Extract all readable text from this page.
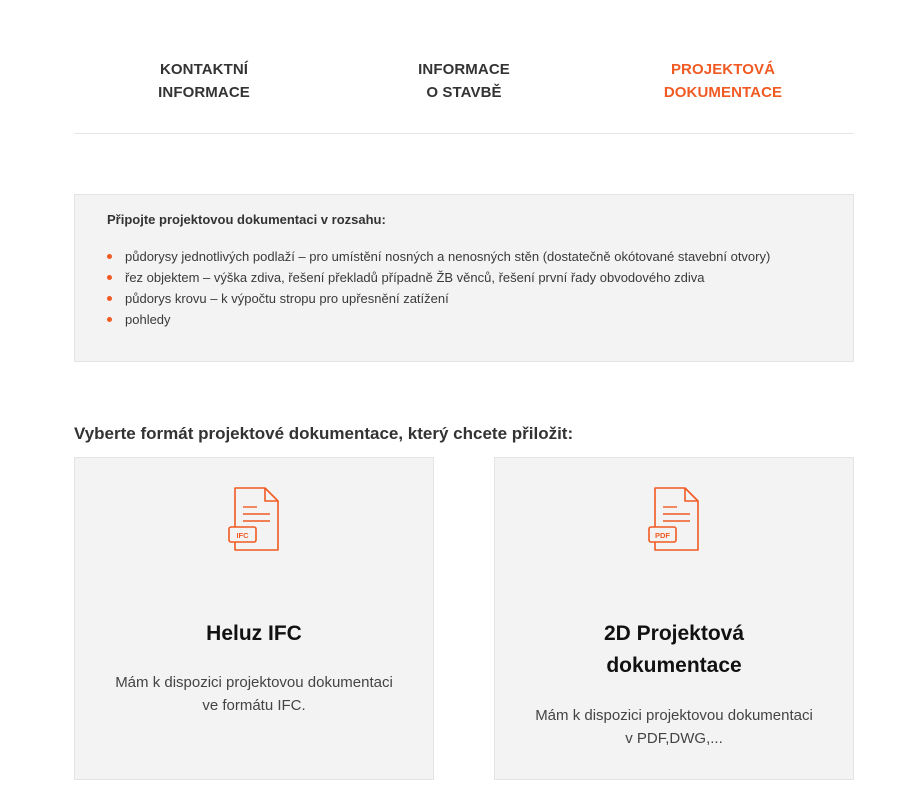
KONTAKTNÍ
INFORMACE
INFORMACE
O STAVBĚ
PROJEKTOVÁ
DOKUMENTACE
Připojte projektovou dokumentaci v rozsahu:
půdorysy jednotlivých podlaží – pro umístění nosných a nenosných stěn (dostatečně okótované stavební otvory)
řez objektem – výška zdiva, řešení překladů případně ŽB věnců, řešení první řady obvodového zdiva
půdorys krovu – k výpočtu stropu pro upřesnění zatížení
pohledy
Vyberte formát projektové dokumentace, který chcete přiložit:
IFC
Heluz IFC
Mám k dispozici projektovou dokumentaci
ve formátu IFC.
PDF
2D Projektová
dokumentace
Mám k dispozici projektovou dokumentaci
v PDF,DWG,...
